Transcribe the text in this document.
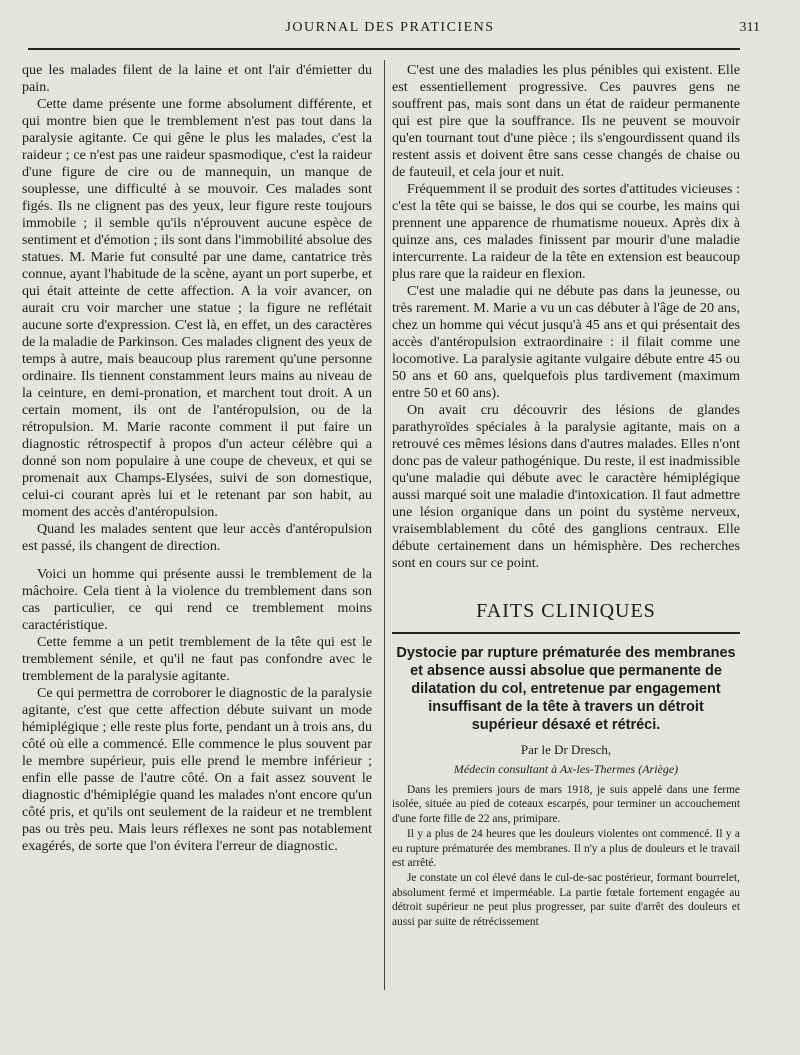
JOURNAL DES PRATICIENS	311

que les malades filent de la laine et ont l'air d'émietter du pain.

Cette dame présente une forme absolument différente, et qui montre bien que le tremblement n'est pas tout dans la paralysie agitante. Ce qui gêne le plus les malades, c'est la raideur ; ce n'est pas une raideur spasmodique, c'est la raideur d'une figure de cire ou de mannequin, un manque de souplesse, une difficulté à se mouvoir. Ces malades sont figés. Ils ne clignent pas des yeux, leur figure reste toujours immobile ; il semble qu'ils n'éprouvent aucune espèce de sentiment et d'émotion ; ils sont dans l'immobilité absolue des statues. M. Marie fut consulté par une dame, cantatrice très connue, ayant l'habitude de la scène, ayant un port superbe, et qui était atteinte de cette affection. A la voir avancer, on aurait cru voir marcher une statue ; la figure ne reflétait aucune sorte d'expression. C'est là, en effet, un des caractères de la maladie de Parkinson. Ces malades clignent des yeux de temps à autre, mais beaucoup plus rarement qu'une personne ordinaire. Ils tiennent constamment leurs mains au niveau de la ceinture, en demi-pronation, et marchent tout droit. A un certain moment, ils ont de l'antéropulsion, ou de la rétropulsion. M. Marie raconte comment il put faire un diagnostic rétrospectif à propos d'un acteur célèbre qui a donné son nom populaire à une coupe de cheveux, et qui se promenait aux Champs-Elysées, suivi de son domestique, celui-ci courant après lui et le retenant par son habit, au moment des accès d'antéropulsion.

Quand les malades sentent que leur accès d'antéropulsion est passé, ils changent de direction.

Voici un homme qui présente aussi le tremblement de la mâchoire. Cela tient à la violence du tremblement dans son cas particulier, ce qui rend ce tremblement moins caractéristique.

Cette femme a un petit tremblement de la tête qui est le tremblement sénile, et qu'il ne faut pas confondre avec le tremblement de la paralysie agitante.

Ce qui permettra de corroborer le diagnostic de la paralysie agitante, c'est que cette affection débute suivant un mode hémiplégique ; elle reste plus forte, pendant un à trois ans, du côté où elle a commencé. Elle commence le plus souvent par le membre supérieur, puis elle prend le membre inférieur ; enfin elle passe de l'autre côté. On a fait assez souvent le diagnostic d'hémiplégie quand les malades n'ont encore qu'un côté pris, et qu'ils ont seulement de la raideur et ne tremblent pas ou très peu. Mais leurs réflexes ne sont pas notablement exagérés, de sorte que l'on évitera l'erreur de diagnostic.

C'est une des maladies les plus pénibles qui existent. Elle est essentiellement progressive. Ces pauvres gens ne souffrent pas, mais sont dans un état de raideur permanente qui est pire que la souffrance. Ils ne peuvent se mouvoir qu'en tournant tout d'une pièce ; ils s'engourdissent quand ils restent assis et doivent être sans cesse changés de chaise ou de fauteuil, et cela jour et nuit.

Fréquemment il se produit des sortes d'attitudes vicieuses : c'est la tête qui se baisse, le dos qui se courbe, les mains qui prennent une apparence de rhumatisme noueux. Après dix à quinze ans, ces malades finissent par mourir d'une maladie intercurrente. La raideur de la tête en extension est beaucoup plus rare que la raideur en flexion.

C'est une maladie qui ne débute pas dans la jeunesse, ou très rarement. M. Marie a vu un cas débuter à l'âge de 20 ans, chez un homme qui vécut jusqu'à 45 ans et qui présentait des accès d'antéropulsion extraordinaire : il filait comme une locomotive. La paralysie agitante vulgaire débute entre 45 ou 50 ans et 60 ans, quelquefois plus tardivement (maximum entre 50 et 60 ans).

On avait cru découvrir des lésions de glandes parathyroïdes spéciales à la paralysie agitante, mais on a retrouvé ces mêmes lésions dans d'autres malades. Elles n'ont donc pas de valeur pathogénique. Du reste, il est inadmissible qu'une maladie qui débute avec le caractère hémiplégique aussi marqué soit une maladie d'intoxication. Il faut admettre une lésion organique dans un point du système nerveux, vraisemblablement du côté des ganglions centraux. Elle débute certainement dans un hémisphère. Des recherches sont en cours sur ce point.

FAITS CLINIQUES
Dystocie par rupture prématurée des membranes et absence aussi absolue que permanente de dilatation du col, entretenue par engagement insuffisant de la tête à travers un détroit supérieur désaxé et rétréci.
Par le Dr Dresch,
Médecin consultant à Ax-les-Thermes (Ariège)

Dans les premiers jours de mars 1918, je suis appelé dans une ferme isolée, située au pied de coteaux escarpés, pour terminer un accouchement d'une forte fille de 22 ans, primipare.

Il y a plus de 24 heures que les douleurs violentes ont commencé. Il y a eu rupture prématurée des membranes. Il n'y a plus de douleurs et le travail est arrêté.

Je constate un col élevé dans le cul-de-sac postérieur, formant bourrelet, absolument fermé et imperméable. La partie fœtale fortement engagée au détroit supérieur ne peut plus progresser, par suite d'arrêt des douleurs et aussi par suite de rétrécissement
